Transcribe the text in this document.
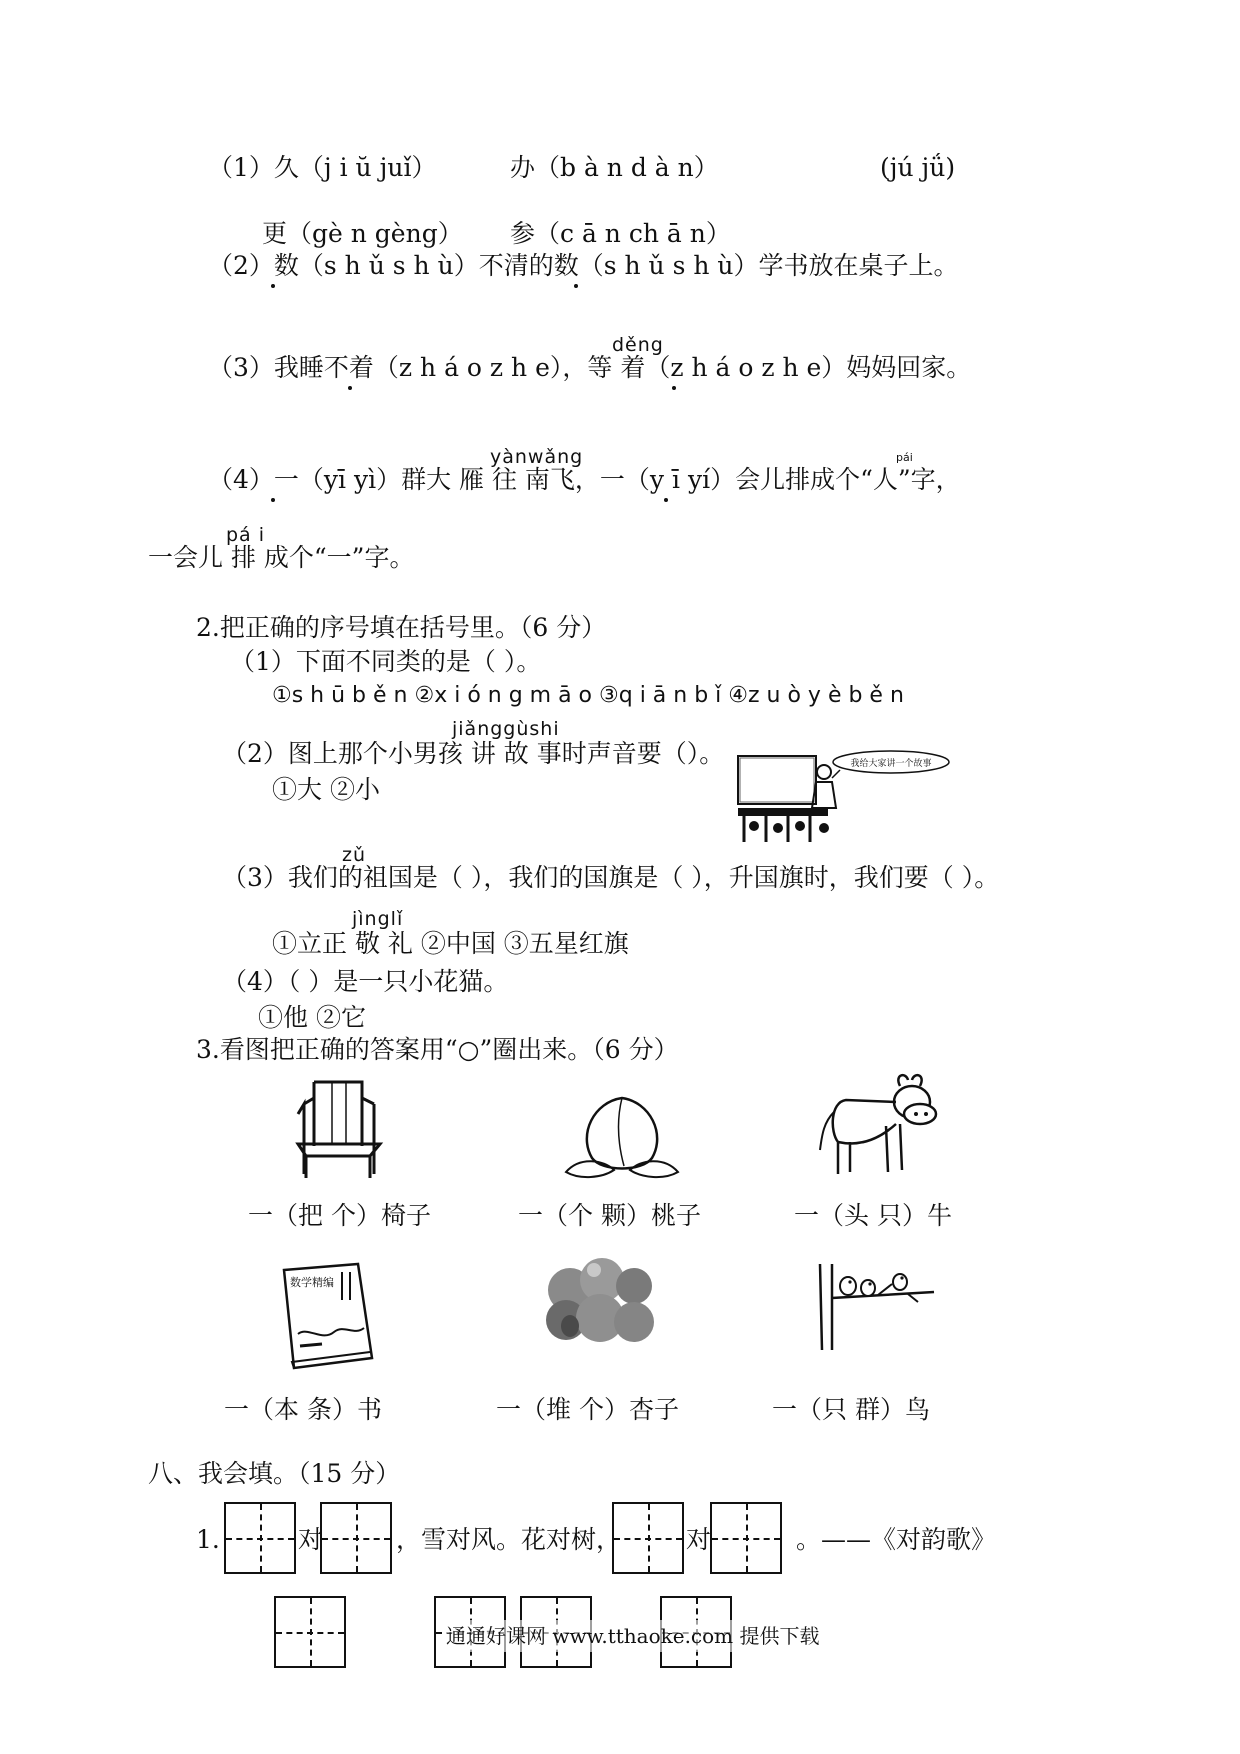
（1）久（j i ŭ juǐ）	办（b à n d à n）	(jú jǘ)
更（gè n gèng） 参（c ā n ch ā n）
（2）数（s h ǔ s h ù）不清的数（s h ǔ s h ù）学书放在桌子上。
děng
（3）我睡不着（z h á o z h e），等 着（z h á o z h e）妈妈回家。
yànwǎng	pái
（4）一（yī yì）群大 雁 往 南飞，一（y ī yí）会儿排成个“人”字，
pá i
一会儿 排 成个“一”字。
2.把正确的序号填在括号里。（6 分）
（1）下面不同类的是（ ）。
①s h ū b ě n ②x i ó n g m ā o ③q i ā n b ǐ ④z u ò y è b ě n
jiǎnggùshi
（2）图上那个小男孩 讲 故 事时声音要（）。
①大 ②小
我给大家讲一个故事
zǔ
（3）我们的祖国是（ ），我们的国旗是（ ），升国旗时，我们要（ ）。
jìnglǐ
①立正 敬 礼 ②中国 ③五星红旗
（4）（ ）是一只小花猫。
①他 ②它
3.看图把正确的答案用“○”圈出来。（6 分）
一（把 个）椅子	一（个 颗）桃子	一（头 只）牛
数学精编
一（本 条）书	一（堆 个）杏子	一（只 群）鸟
八、我会填。（15 分）
1.	对	，雪对风。花对树，	对	。——《对韵歌》
通通好课网 www.tthaoke.com 提供下载
